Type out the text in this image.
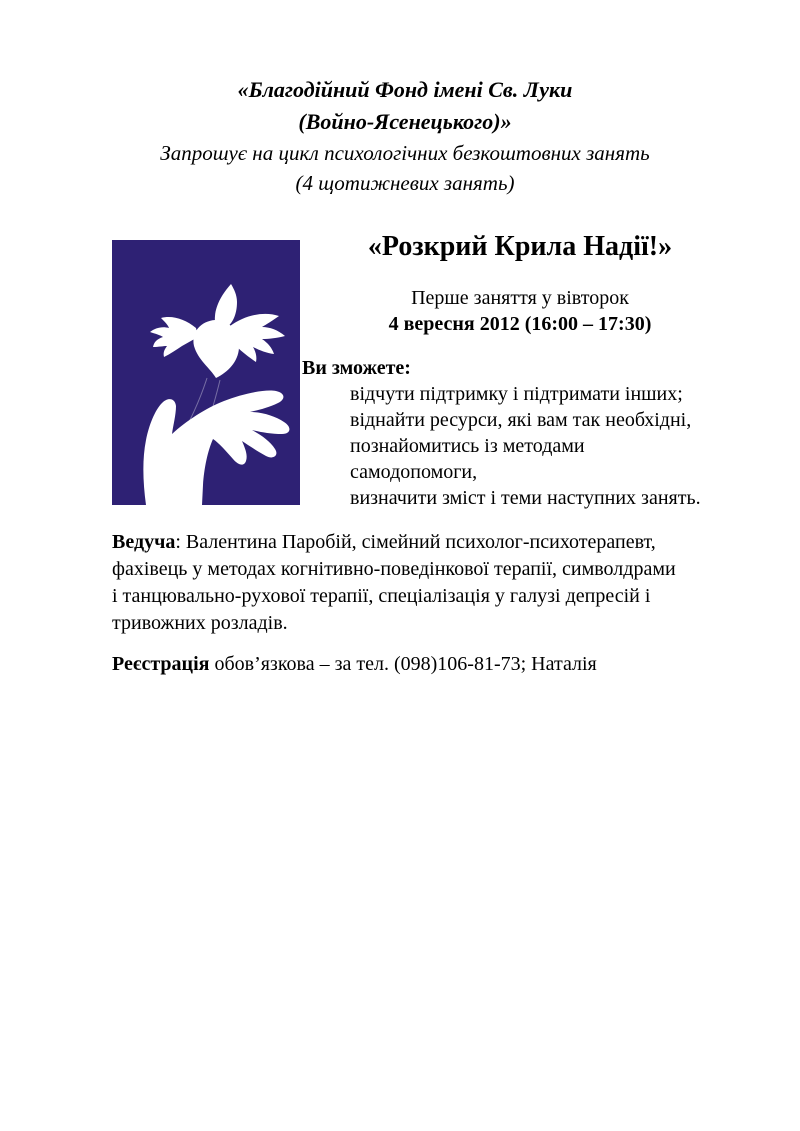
«Благодійний Фонд імені Св. Луки
(Войно-Ясенецького)»
Запрошує на цикл психологічних безкоштовних занять
(4 щотижневих занять)
«Розкрий Крила Надії!»
Перше заняття у вівторок
4 вересня 2012 (16:00 – 17:30)
Ви зможете:
відчути підтримку і підтримати інших;
віднайти ресурси, які вам так необхідні,
познайомитись із методами
самодопомоги,
визначити зміст і теми наступних занять.

Ведуча: Валентина Паробій, сімейний психолог-психотерапевт,
фахівець у методах когнітивно-поведінкової терапії, символдрами
і танцювально-рухової терапії, спеціалізація у галузі депресій і
тривожних розладів.

Реєстрація обов’язкова – за тел. (098)106-81-73; Наталія
